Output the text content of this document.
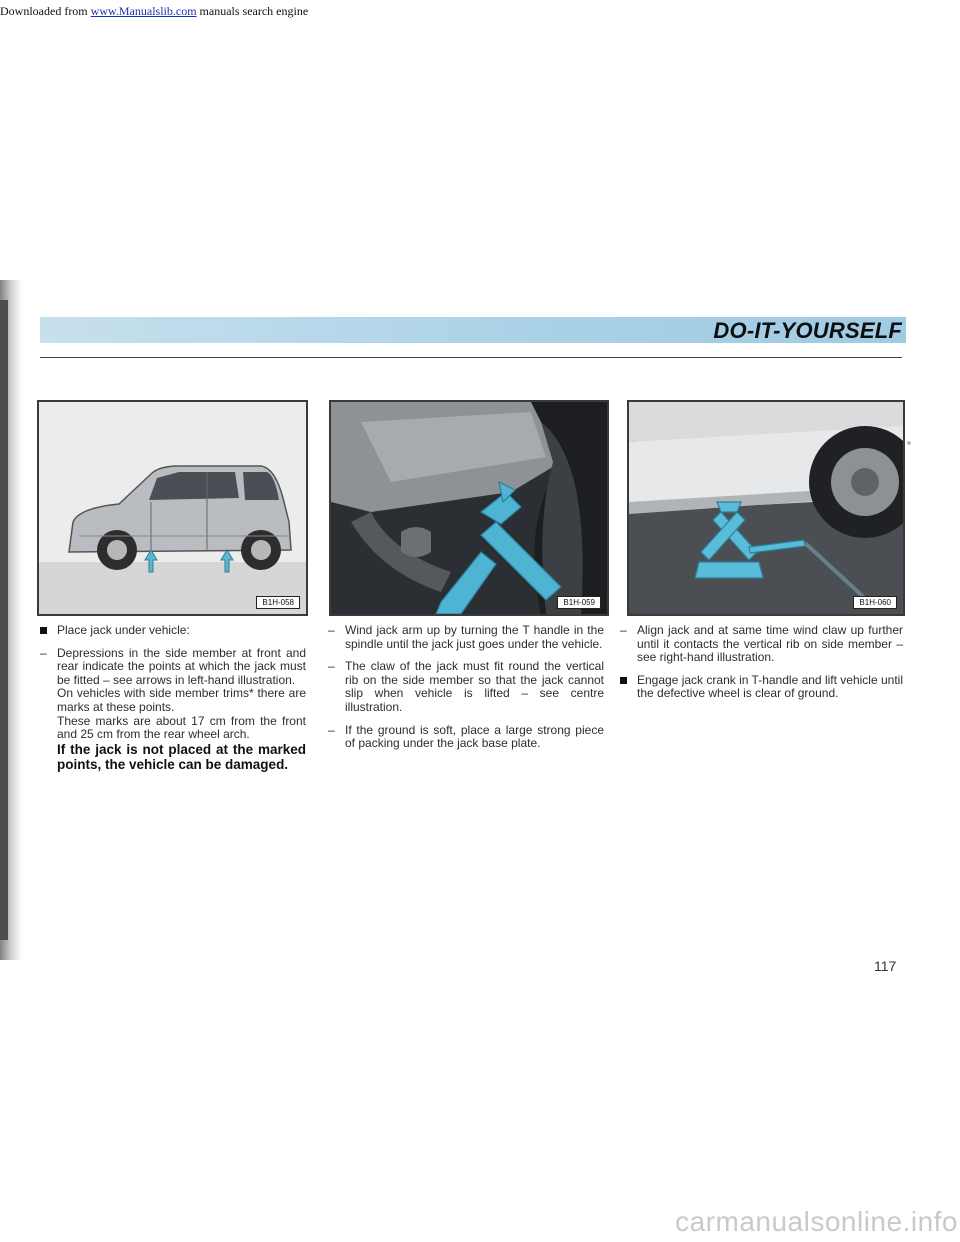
Downloaded from www.Manualslib.com manuals search engine
DO-IT-YOURSELF
B1H-058	B1H-059	B1H-060
Place jack under vehicle:
– Depressions in the side member at front and rear indicate the points at which the jack must be fitted – see arrows in left-hand illustration.

On vehicles with side member trims* there are marks at these points.

These marks are about 17 cm from the front and 25 cm from the rear wheel arch.

If the jack is not placed at the marked points, the vehicle can be damaged.

– Wind jack arm up by turning the T handle in the spindle until the jack just goes under the vehicle.
– The claw of the jack must fit round the vertical rib on the side member so that the jack cannot slip when vehicle is lifted – see centre illustration.
– If the ground is soft, place a large strong piece of packing under the jack base plate.
– Align jack and at same time wind claw up further until it contacts the vertical rib on side member – see right-hand illustration.
Engage jack crank in T-handle and lift vehicle until the defective wheel is clear of ground.
117
carmanualsonline.info
